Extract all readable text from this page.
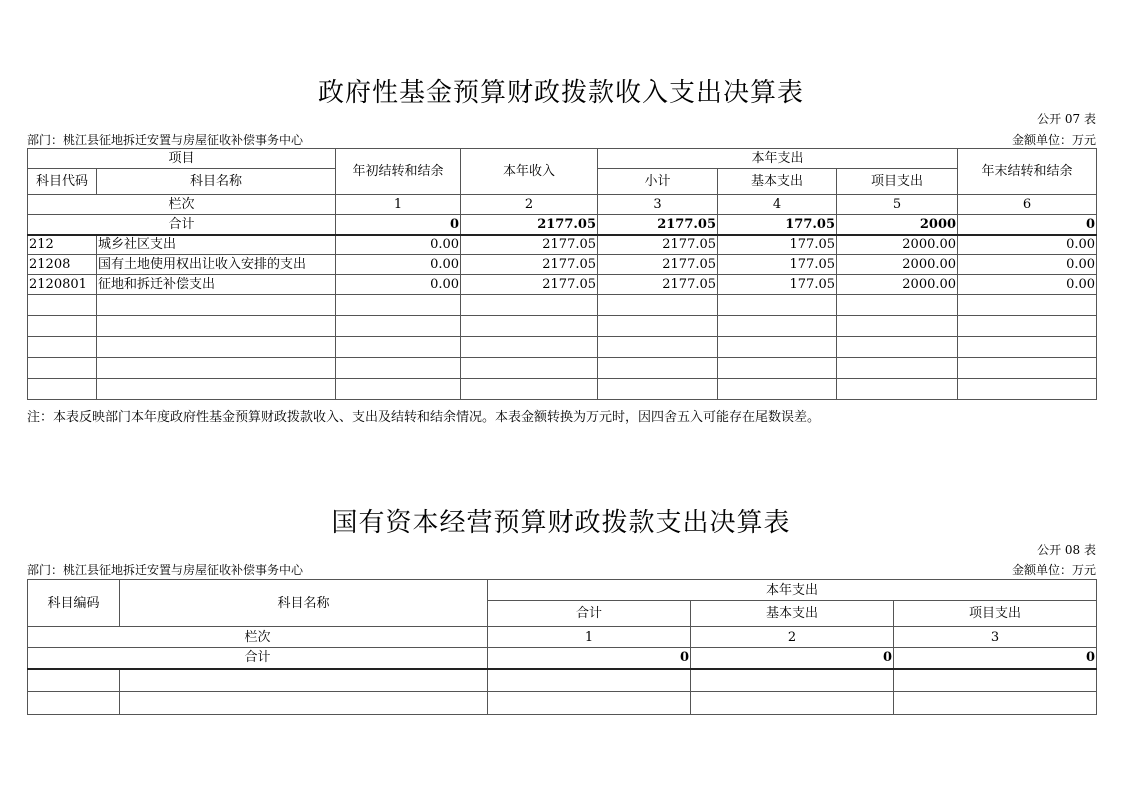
政府性基金预算财政拨款收入支出决算表
公开 07 表
部门：桃江县征地拆迁安置与房屋征收补偿事务中心	金额单位：万元
项目		年初结转和结余	本年收入	本年支出			年末结转和结余
科目代码	科目名称			小计	基本支出	项目支出	
栏次		1	2	3	4	5	6
合计		0	2177.05	2177.05	177.05	2000	0
212	城乡社区支出	0.00	2177.05	2177.05	177.05	2000.00	0.00
21208	国有土地使用权出让收入安排的支出	0.00	2177.05	2177.05	177.05	2000.00	0.00
2120801	征地和拆迁补偿支出	0.00	2177.05	2177.05	177.05	2000.00	0.00

注：本表反映部门本年度政府性基金预算财政拨款收入、支出及结转和结余情况。本表金额转换为万元时，因四舍五入可能存在尾数误差。
国有资本经营预算财政拨款支出决算表
公开 08 表
部门：桃江县征地拆迁安置与房屋征收补偿事务中心	金额单位：万元
科目编码	科目名称	本年支出		
		合计	基本支出	项目支出
栏次		1	2	3
合计		0	0	0
